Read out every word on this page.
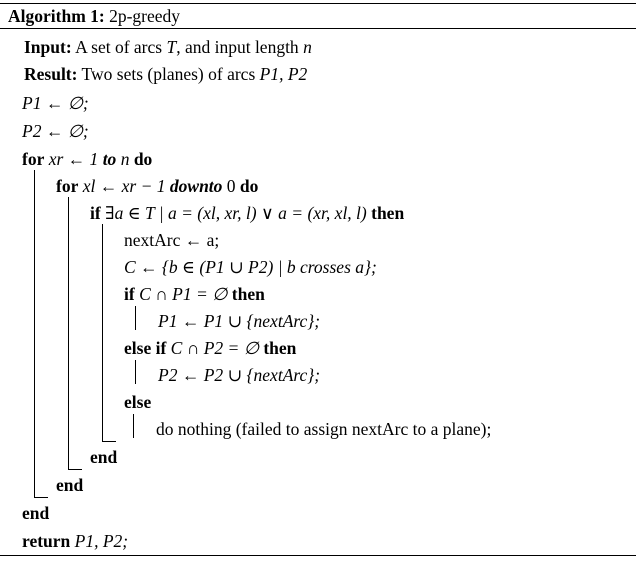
Algorithm 1: 2p-greedy
Input: A set of arcs T, and input length n
Result: Two sets (planes) of arcs P1, P2
P1 ← ∅;
P2 ← ∅;
for xr ← 1 to n do
for xl ← xr − 1 downto 0 do
if ∃a ∈ T | a = (xl, xr, l) ∨ a = (xr, xl, l) then
nextArc ← a;
C ← {b ∈ (P1 ∪ P2) | b crosses a};
if C ∩ P1 = ∅ then
P1 ← P1 ∪ {nextArc};
else if C ∩ P2 = ∅ then
P2 ← P2 ∪ {nextArc};
else
do nothing (failed to assign nextArc to a plane);
end
end
end
return P1, P2;
